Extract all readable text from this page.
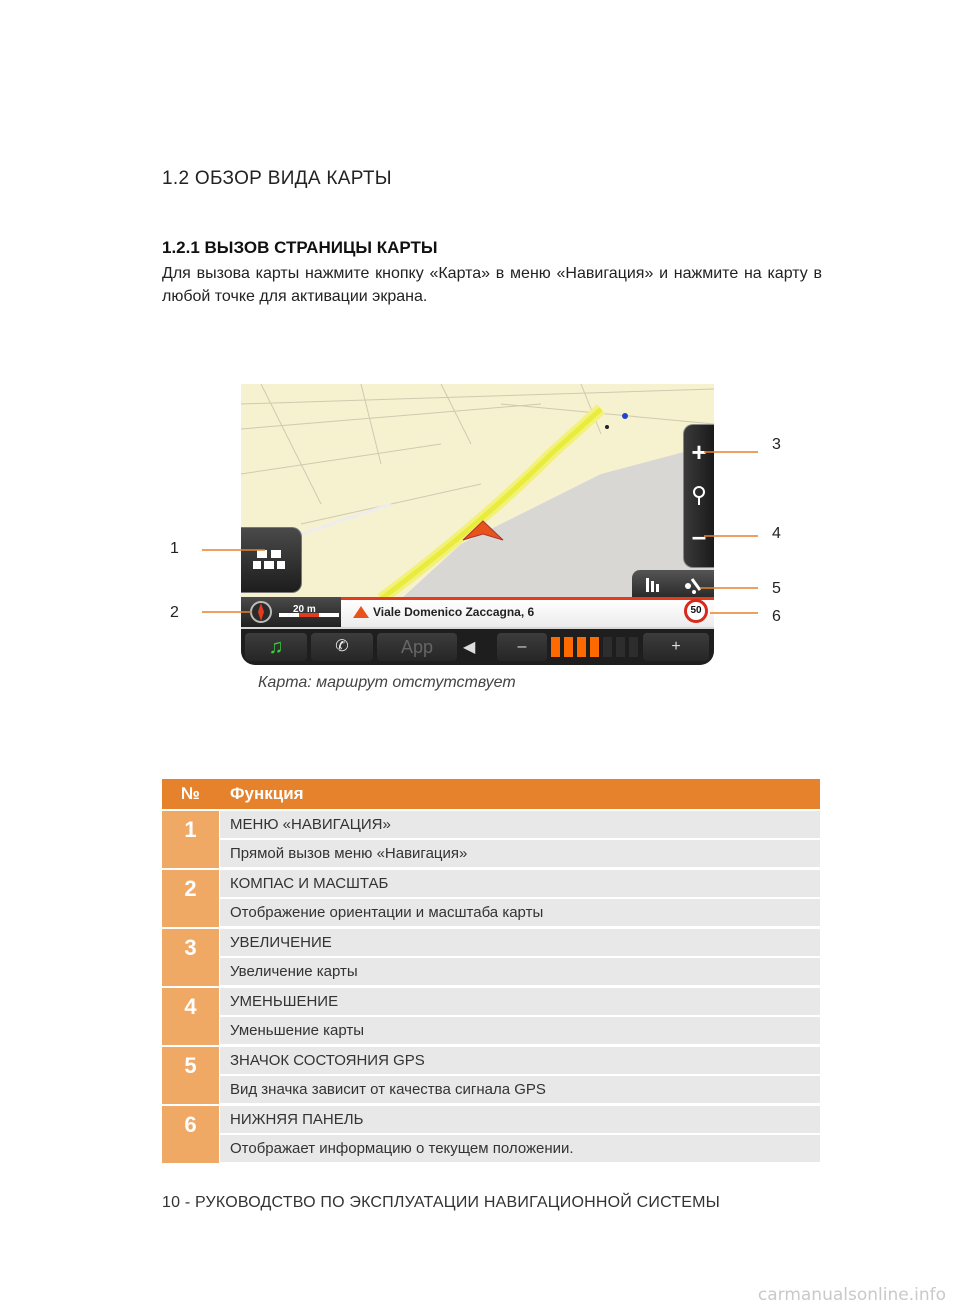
1.2 ОБЗОР ВИДА КАРТЫ
1.2.1 ВЫЗОВ СТРАНИЦЫ КАРТЫ
Для вызова карты нажмите кнопку «Карта» в меню «Навигация» и нажмите на карту в любой точке для активации экрана.
+
–
20 m	Viale Domenico Zaccagna, 6	50
♫	✆	App	◀	–	+
1
2
3
4
5
6
Карта: маршрут отстутствует
№	Функция
1	МЕНЮ «НАВИГАЦИЯ»
Прямой вызов меню «Навигация»
2	КОМПАС И МАСШТАБ
Отображение ориентации и масштаба карты
3	УВЕЛИЧЕНИЕ
Увеличение карты
4	УМЕНЬШЕНИЕ
Уменьшение карты
5	ЗНАЧОК СОСТОЯНИЯ GPS
Вид значка зависит от качества сигнала GPS
6	НИЖНЯЯ ПАНЕЛЬ
Отображает информацию о текущем положении.
10 - РУКОВОДСТВО ПО ЭКСПЛУАТАЦИИ НАВИГАЦИОННОЙ СИСТЕМЫ
carmanualsonline.info
